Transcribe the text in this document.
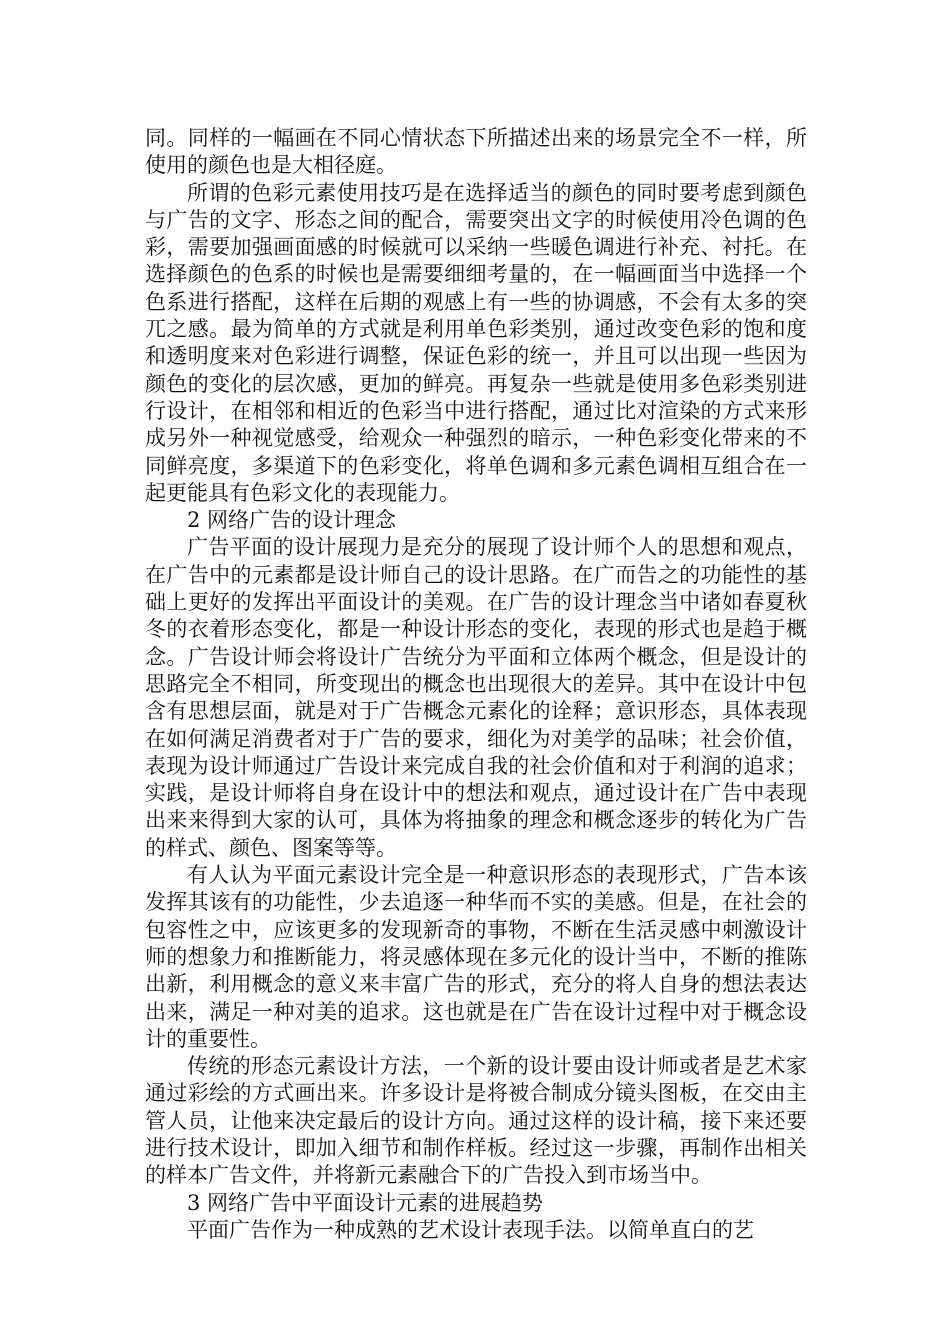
同。同样的一幅画在不同心情状态下所描述出来的场景完全不一样，所使用的颜色也是大相径庭。

所谓的色彩元素使用技巧是在选择适当的颜色的同时要考虑到颜色与广告的文字、形态之间的配合，需要突出文字的时候使用冷色调的色彩，需要加强画面感的时候就可以采纳一些暖色调进行补充、衬托。在选择颜色的色系的时候也是需要细细考量的，在一幅画面当中选择一个色系进行搭配，这样在后期的观感上有一些的协调感，不会有太多的突兀之感。最为简单的方式就是利用单色彩类别，通过改变色彩的饱和度和透明度来对色彩进行调整，保证色彩的统一，并且可以出现一些因为颜色的变化的层次感，更加的鲜亮。再复杂一些就是使用多色彩类别进行设计，在相邻和相近的色彩当中进行搭配，通过比对渲染的方式来形成另外一种视觉感受，给观众一种强烈的暗示，一种色彩变化带来的不同鲜亮度，多渠道下的色彩变化，将单色调和多元素色调相互组合在一起更能具有色彩文化的表现能力。

2 网络广告的设计理念

广告平面的设计展现力是充分的展现了设计师个人的思想和观点，在广告中的元素都是设计师自己的设计思路。在广而告之的功能性的基础上更好的发挥出平面设计的美观。在广告的设计理念当中诸如春夏秋冬的衣着形态变化，都是一种设计形态的变化，表现的形式也是趋于概念。广告设计师会将设计广告统分为平面和立体两个概念，但是设计的思路完全不相同，所变现出的概念也出现很大的差异。其中在设计中包含有思想层面，就是对于广告概念元素化的诠释；意识形态，具体表现在如何满足消费者对于广告的要求，细化为对美学的品味；社会价值，表现为设计师通过广告设计来完成自我的社会价值和对于利润的追求；实践，是设计师将自身在设计中的想法和观点，通过设计在广告中表现出来来得到大家的认可，具体为将抽象的理念和概念逐步的转化为广告的样式、颜色、图案等等。

有人认为平面元素设计完全是一种意识形态的表现形式，广告本该发挥其该有的功能性，少去追逐一种华而不实的美感。但是，在社会的包容性之中，应该更多的发现新奇的事物，不断在生活灵感中刺激设计师的想象力和推断能力，将灵感体现在多元化的设计当中，不断的推陈出新，利用概念的意义来丰富广告的形式，充分的将人自身的想法表达出来，满足一种对美的追求。这也就是在广告在设计过程中对于概念设计的重要性。

传统的形态元素设计方法，一个新的设计要由设计师或者是艺术家通过彩绘的方式画出来。许多设计是将被合制成分镜头图板，在交由主管人员，让他来决定最后的设计方向。通过这样的设计稿，接下来还要进行技术设计，即加入细节和制作样板。经过这一步骤，再制作出相关的样本广告文件，并将新元素融合下的广告投入到市场当中。

3 网络广告中平面设计元素的进展趋势

平面广告作为一种成熟的艺术设计表现手法。以简单直白的艺
